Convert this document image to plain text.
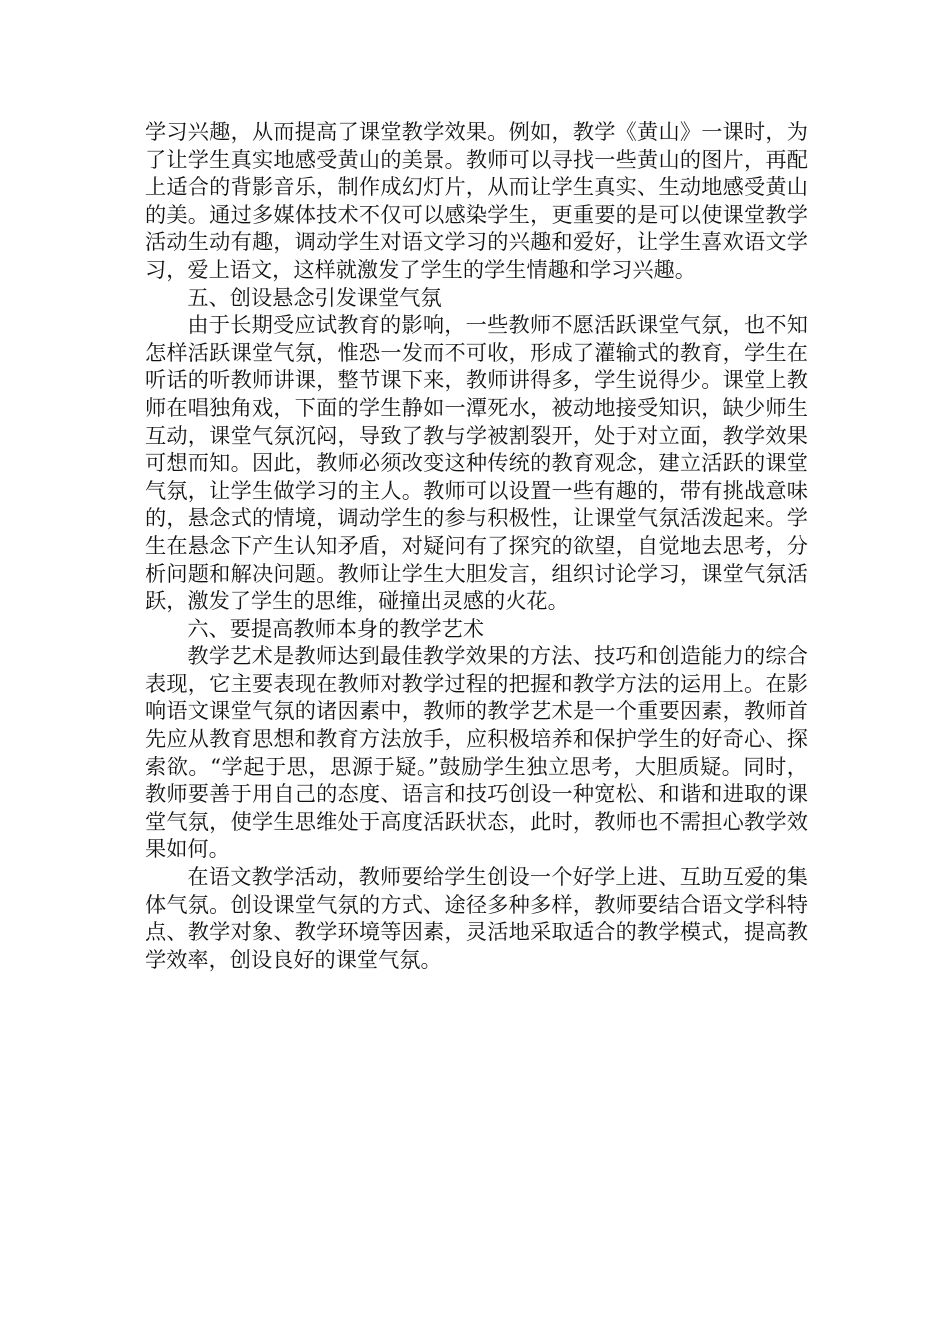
学习兴趣，从而提高了课堂教学效果。例如，教学《黄山》一课时，为了让学生真实地感受黄山的美景。教师可以寻找一些黄山的图片，再配上适合的背影音乐，制作成幻灯片，从而让学生真实、生动地感受黄山的美。通过多媒体技术不仅可以感染学生，更重要的是可以使课堂教学活动生动有趣，调动学生对语文学习的兴趣和爱好，让学生喜欢语文学习，爱上语文，这样就激发了学生的学生情趣和学习兴趣。

五、创设悬念引发课堂气氛

由于长期受应试教育的影响，一些教师不愿活跃课堂气氛，也不知怎样活跃课堂气氛，惟恐一发而不可收，形成了灌输式的教育，学生在听话的听教师讲课，整节课下来，教师讲得多，学生说得少。课堂上教师在唱独角戏，下面的学生静如一潭死水，被动地接受知识，缺少师生互动，课堂气氛沉闷，导致了教与学被割裂开，处于对立面，教学效果可想而知。因此，教师必须改变这种传统的教育观念，建立活跃的课堂气氛，让学生做学习的主人。教师可以设置一些有趣的，带有挑战意味的，悬念式的情境，调动学生的参与积极性，让课堂气氛活泼起来。学生在悬念下产生认知矛盾，对疑问有了探究的欲望，自觉地去思考，分析问题和解决问题。教师让学生大胆发言，组织讨论学习，课堂气氛活跃，激发了学生的思维，碰撞出灵感的火花。

六、要提高教师本身的教学艺术

教学艺术是教师达到最佳教学效果的方法、技巧和创造能力的综合表现，它主要表现在教师对教学过程的把握和教学方法的运用上。在影响语文课堂气氛的诸因素中，教师的教学艺术是一个重要因素，教师首先应从教育思想和教育方法放手，应积极培养和保护学生的好奇心、探索欲。“学起于思，思源于疑。”鼓励学生独立思考，大胆质疑。同时，教师要善于用自己的态度、语言和技巧创设一种宽松、和谐和进取的课堂气氛，使学生思维处于高度活跃状态，此时，教师也不需担心教学效果如何。

在语文教学活动，教师要给学生创设一个好学上进、互助互爱的集体气氛。创设课堂气氛的方式、途径多种多样，教师要结合语文学科特点、教学对象、教学环境等因素，灵活地采取适合的教学模式，提高教学效率，创设良好的课堂气氛。
